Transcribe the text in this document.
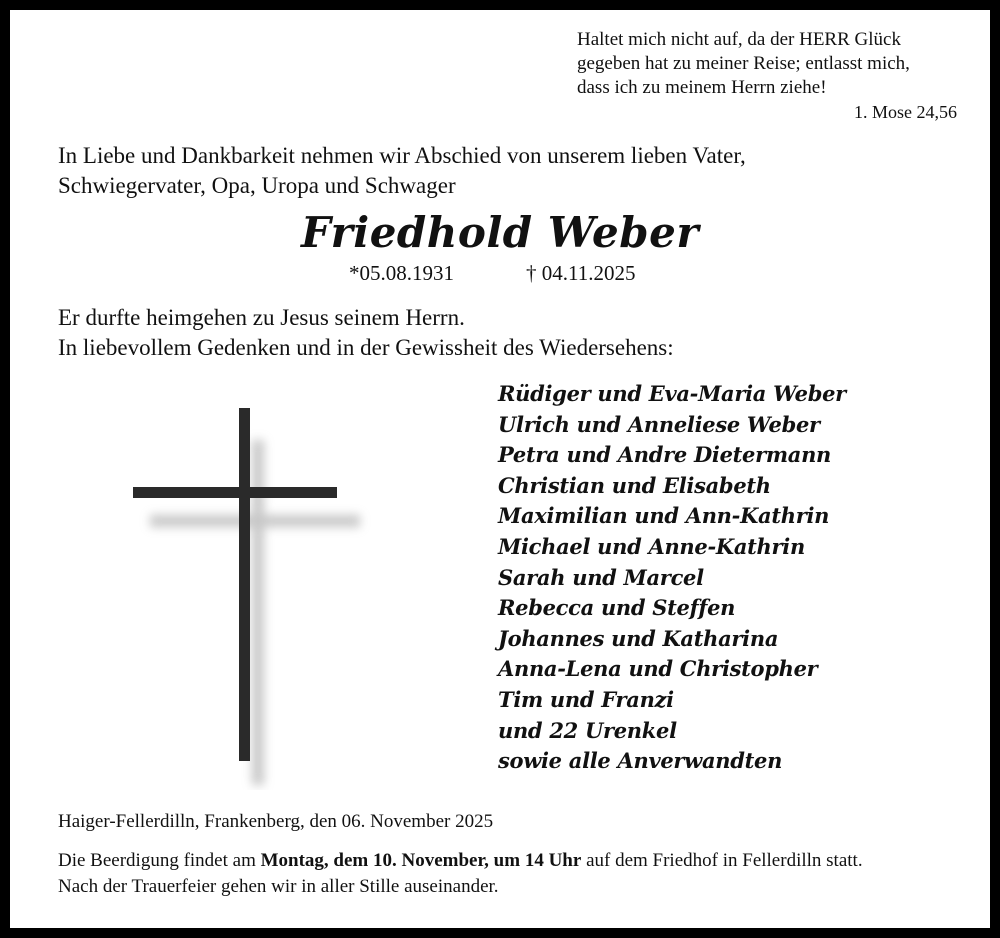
Haltet mich nicht auf, da der HERR Glück
gegeben hat zu meiner Reise; entlasst mich,
dass ich zu meinem Herrn ziehe!
1. Mose 24,56
In Liebe und Dankbarkeit nehmen wir Abschied von unserem lieben Vater,
Schwiegervater, Opa, Uropa und Schwager
Friedhold Weber
*05.08.1931	† 04.11.2025
Er durfte heimgehen zu Jesus seinem Herrn.
In liebevollem Gedenken und in der Gewissheit des Wiedersehens:
Rüdiger und Eva-Maria Weber
Ulrich und Anneliese Weber
Petra und Andre Dietermann
Christian und Elisabeth
Maximilian und Ann-Kathrin
Michael und Anne-Kathrin
Sarah und Marcel
Rebecca und Steffen
Johannes und Katharina
Anna-Lena und Christopher
Tim und Franzi
und 22 Urenkel
sowie alle Anverwandten
Haiger-Fellerdilln, Frankenberg, den 06. November 2025
Die Beerdigung findet am Montag, dem 10. November, um 14 Uhr auf dem Friedhof in Fellerdilln statt.
Nach der Trauerfeier gehen wir in aller Stille auseinander.
